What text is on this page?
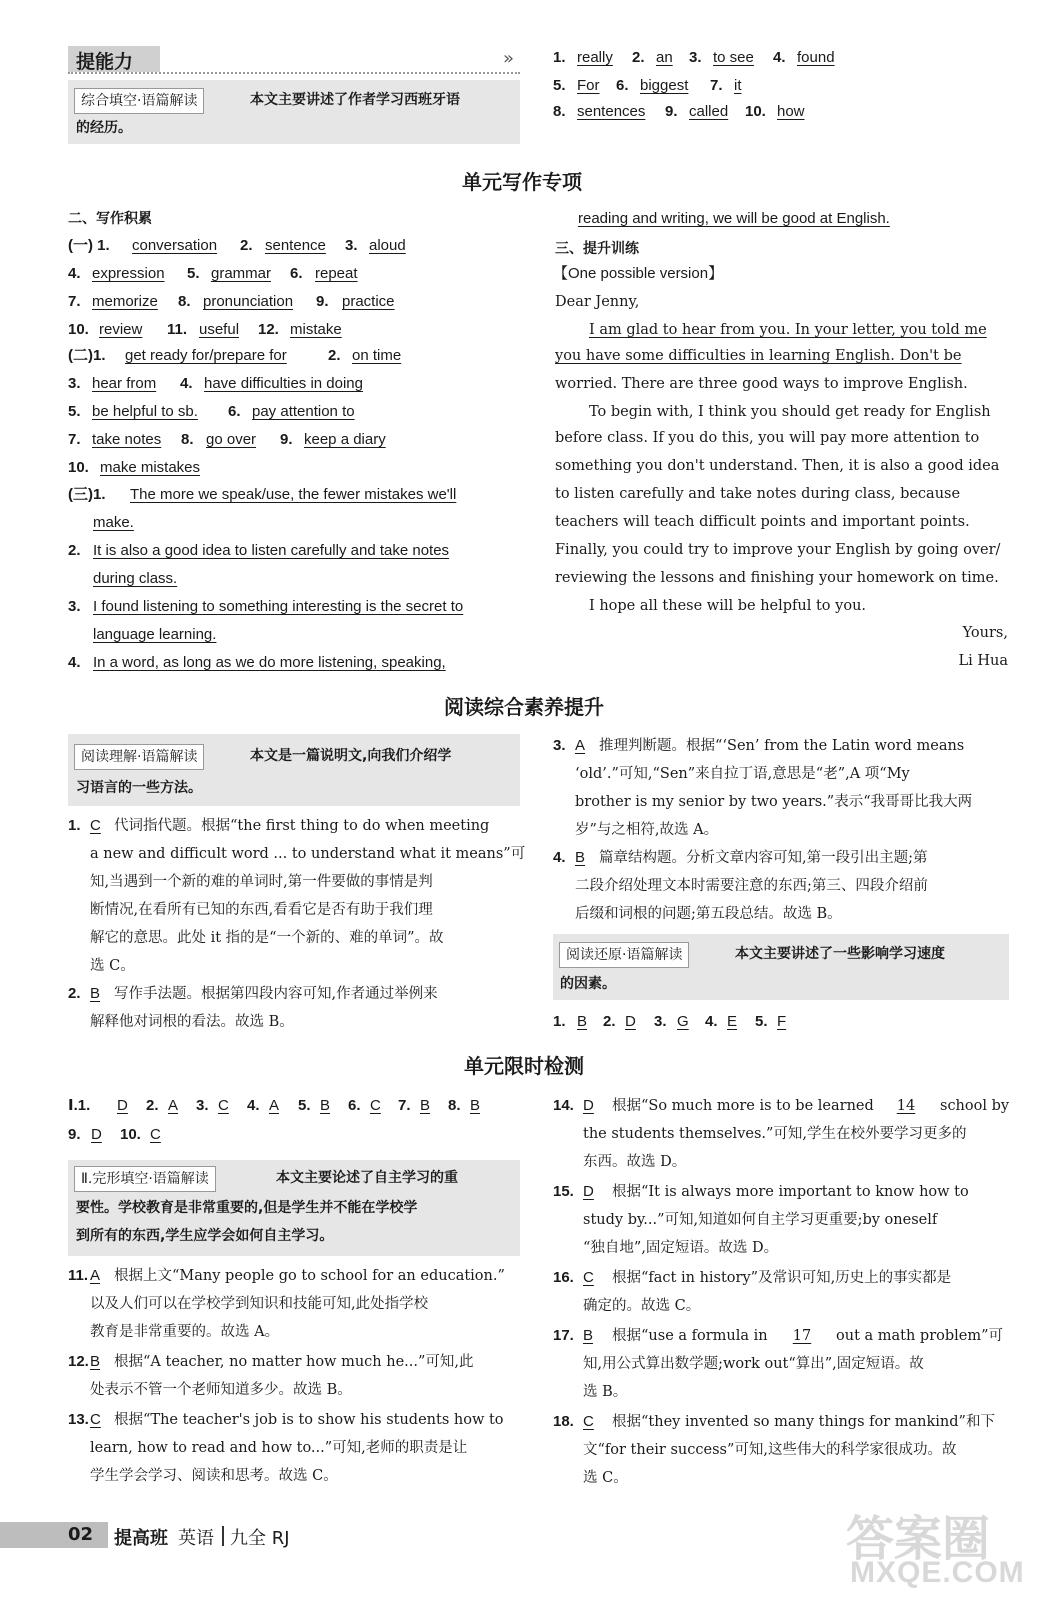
提能力	»
综合填空·语篇解读	本文主要讲述了作者学习西班牙语
的经历。
1. really 2. an 3. to see 4. found
5. For 6. biggest 7. it
8. sentences 9. called 10. how
单元写作专项
二、写作积累
(一) 1. conversation 2. sentence 3. aloud
4. expression 5. grammar 6. repeat
7. memorize 8. pronunciation 9. practice
10. review 11. useful 12. mistake
(二)1. get ready for/prepare for	2. on time
3. hear from 4. have difficulties in doing
5. be helpful to sb. 6. pay attention to
7. take notes 8. go over 9. keep a diary
10. make mistakes
(三)1. The more we speak/use, the fewer mistakes we'll
make.
2. It is also a good idea to listen carefully and take notes
during class.
3. I found listening to something interesting is the secret to
language learning.
4. In a word, as long as we do more listening, speaking,
reading and writing, we will be good at English.
三、提升训练
【One possible version】
Dear Jenny,
I am glad to hear from you. In your letter, you told me
you have some difficulties in learning English. Don't be
worried. There are three good ways to improve English.
To begin with, I think you should get ready for English
before class. If you do this, you will pay more attention to
something you don't understand. Then, it is also a good idea
to listen carefully and take notes during class, because
teachers will teach difficult points and important points.
Finally, you could try to improve your English by going over/
reviewing the lessons and finishing your homework on time.
I hope all these will be helpful to you.
Yours,
Li Hua
阅读综合素养提升
阅读理解·语篇解读	本文是一篇说明文,向我们介绍学
习语言的一些方法。
1. C 代词指代题。根据“the first thing to do when meeting
a new and difficult word ... to understand what it means”可
知,当遇到一个新的难的单词时,第一件要做的事情是判
断情况,在看所有已知的东西,看看它是否有助于我们理
解它的意思。此处 it 指的是“一个新的、难的单词”。故
选 C。
2. B 写作手法题。根据第四段内容可知,作者通过举例来
解释他对词根的看法。故选 B。
3. A 推理判断题。根据“‘Sen’ from the Latin word means
‘old’.”可知,“Sen”来自拉丁语,意思是“老”,A 项“My
brother is my senior by two years.”表示“我哥哥比我大两
岁”与之相符,故选 A。
4. B 篇章结构题。分析文章内容可知,第一段引出主题;第
二段介绍处理文本时需要注意的东西;第三、四段介绍前
后缀和词根的问题;第五段总结。故选 B。
阅读还原·语篇解读	本文主要讲述了一些影响学习速度
的因素。
1. B 2. D 3. G 4. E 5. F
单元限时检测
Ⅰ.1. D 2. A 3. C 4. A 5. B 6. C 7. B 8. B
9. D 10. C
Ⅱ.完形填空·语篇解读	本文主要论述了自主学习的重
要性。学校教育是非常重要的,但是学生并不能在学校学
到所有的东西,学生应学会如何自主学习。
11. A 根据上文“Many people go to school for an education.”
以及人们可以在学校学到知识和技能可知,此处指学校
教育是非常重要的。故选 A。
12. B 根据“A teacher, no matter how much he...”可知,此
处表示不管一个老师知道多少。故选 B。
13. C 根据“The teacher's job is to show his students how to
learn, how to read and how to...”可知,老师的职责是让
学生学会学习、阅读和思考。故选 C。
14. D 根据“So much more is to be learned	14	school by
the students themselves.”可知,学生在校外要学习更多的
东西。故选 D。
15. D 根据“It is always more important to know how to
study by...”可知,知道如何自主学习更重要;by oneself
“独自地”,固定短语。故选 D。
16. C 根据“fact in history”及常识可知,历史上的事实都是
确定的。故选 C。
17. B 根据“use a formula in	17	out a math problem”可
知,用公式算出数学题;work out“算出”,固定短语。故
选 B。
18. C 根据“they invented so many things for mankind”和下
文“for their success”可知,这些伟大的科学家很成功。故
选 C。
02 提高班 英语 九全 RJ	答案圈
MXQE.COM
